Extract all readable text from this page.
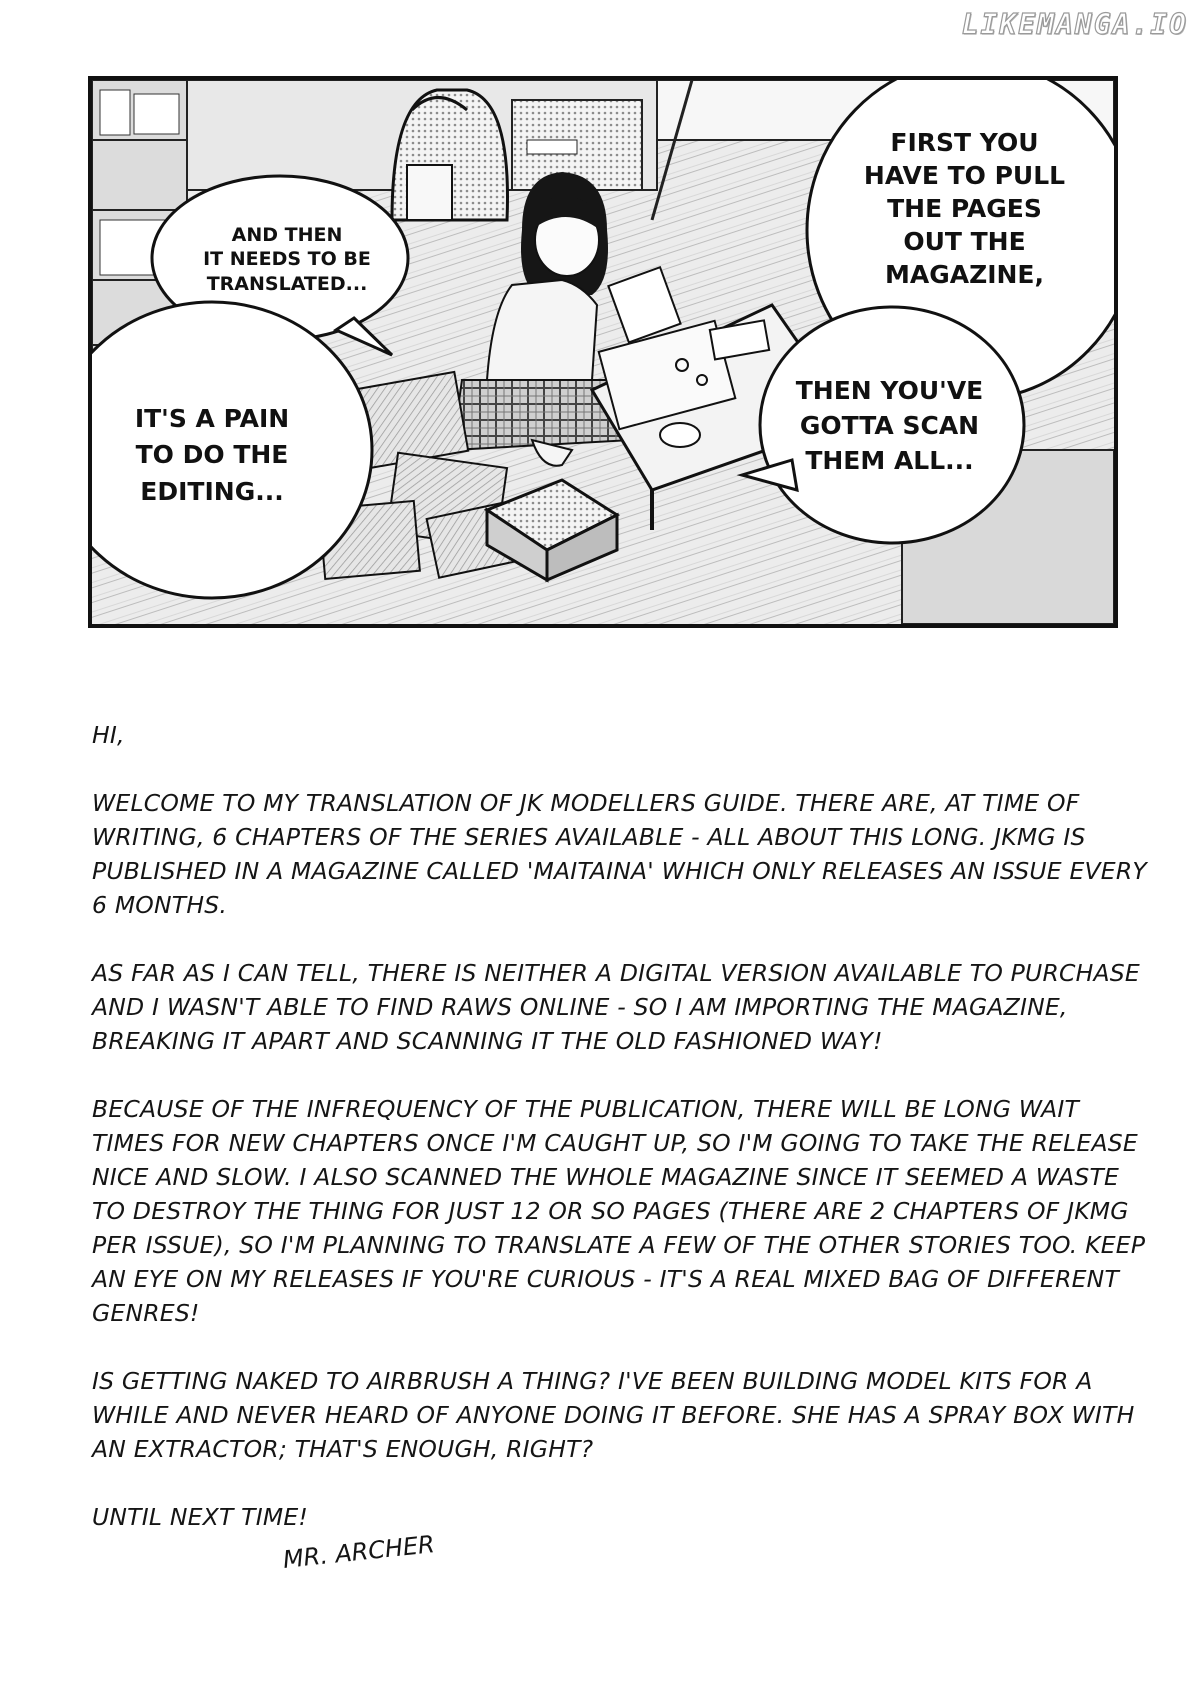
LIKEMANGA.IO
AND THEN
IT NEEDS TO BE
TRANSLATED...
IT'S A PAIN
TO DO THE
EDITING...
FIRST YOU
HAVE TO PULL
THE PAGES
OUT THE
MAGAZINE,
THEN YOU'VE
GOTTA SCAN
THEM ALL...

HI,

WELCOME TO MY TRANSLATION OF JK MODELLERS GUIDE. THERE ARE, AT TIME OF WRITING, 6 CHAPTERS OF THE SERIES AVAILABLE - ALL ABOUT THIS LONG. JKMG IS PUBLISHED IN A MAGAZINE CALLED 'MAITAINA' WHICH ONLY RELEASES AN ISSUE EVERY 6 MONTHS.

AS FAR AS I CAN TELL, THERE IS NEITHER A DIGITAL VERSION AVAILABLE TO PURCHASE AND I WASN'T ABLE TO FIND RAWS ONLINE - SO I AM IMPORTING THE MAGAZINE, BREAKING IT APART AND SCANNING IT THE OLD FASHIONED WAY!

BECAUSE OF THE INFREQUENCY OF THE PUBLICATION, THERE WILL BE LONG WAIT TIMES FOR NEW CHAPTERS ONCE I'M CAUGHT UP, SO I'M GOING TO TAKE THE RELEASE NICE AND SLOW. I ALSO SCANNED THE WHOLE MAGAZINE SINCE IT SEEMED A WASTE TO DESTROY THE THING FOR JUST 12 OR SO PAGES (THERE ARE 2 CHAPTERS OF JKMG PER ISSUE), SO I'M PLANNING TO TRANSLATE A FEW OF THE OTHER STORIES TOO. KEEP AN EYE ON MY RELEASES IF YOU'RE CURIOUS - IT'S A REAL MIXED BAG OF DIFFERENT GENRES!

IS GETTING NAKED TO AIRBRUSH A THING? I'VE BEEN BUILDING MODEL KITS FOR A WHILE AND NEVER HEARD OF ANYONE DOING IT BEFORE. SHE HAS A SPRAY BOX WITH AN EXTRACTOR; THAT'S ENOUGH, RIGHT?

UNTIL NEXT TIME!

MR. ARCHER
